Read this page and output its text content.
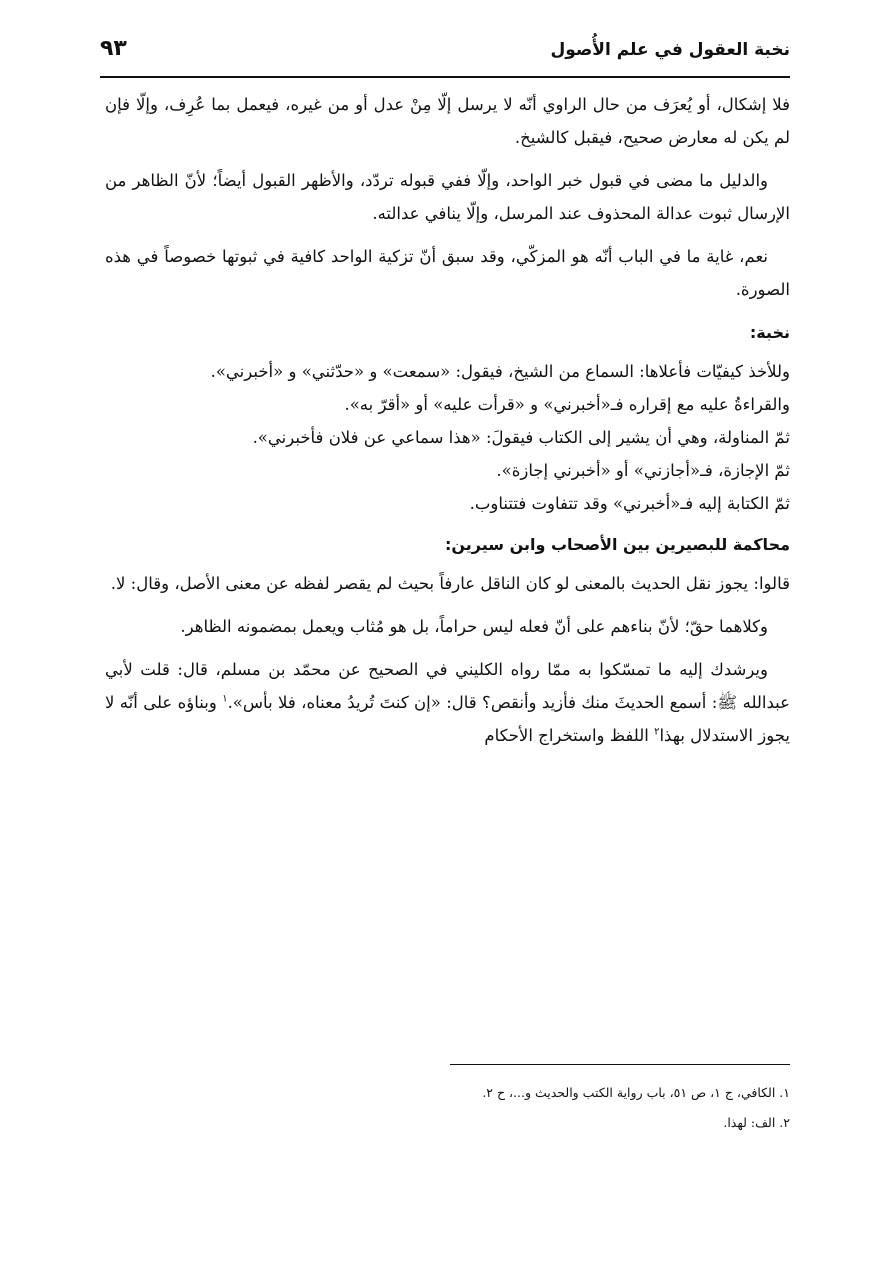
نخبة العقول في علم الأُصول
٩٣

فلا إشكال، أو يُعرَف من حال الراوي أنّه لا يرسل إلّا مِنْ عدل أو من غيره، فيعمل بما عُرِف، وإلّا فإن لم يكن له معارض صحيح، فيقبل كالشيخ.

والدليل ما مضى في قبول خبر الواحد، وإلّا ففي قبوله تردّد، والأظهر القبول أيضاً؛ لأنّ الظاهر من الإرسال ثبوت عدالة المحذوف عند المرسل، وإلّا ينافي عدالته.

نعم، غاية ما في الباب أنّه هو المزكّي، وقد سبق أنّ تزكية الواحد كافية في ثبوتها خصوصاً في هذه الصورة.

نخبة:

وللأخذ كيفيّات فأعلاها: السماع من الشيخ، فيقول: «سمعت» و «حدّثني» و «أخبرني».

والقراءةُ عليه مع إقراره فـ«أخبرني» و «قرأت عليه» أو «أقرّ به».

ثمّ المناولة، وهي أن يشير إلى الكتاب فيقولَ: «هذا سماعي عن فلان فأخبرني».

ثمّ الإجازة، فـ«أجازني» أو «أخبرني إجازة».

ثمّ الكتابة إليه فـ«أخبرني» وقد تتفاوت فتتناوب.

محاكمة للبصيرين بين الأصحاب وابن سيرين:

قالوا: يجوز نقل الحديث بالمعنى لو كان الناقل عارفاً بحيث لم يقصر لفظه عن معنى الأصل، وقال: لا.

وكلاهما حقّ؛ لأنّ بناءهم على أنّ فعله ليس حراماً، بل هو مُثاب ويعمل بمضمونه الظاهر.

ويرشدك إليه ما تمسّكوا به ممّا رواه الكليني في الصحيح عن محمّد بن مسلم، قال: قلت لأبي عبدالله ﷺ: أسمع الحديثَ منك فأزيد وأنقص؟ قال: «إن كنتَ تُريدُ معناه، فلا بأس».$^١$ وبناؤه على أنّه لا يجوز الاستدلال بهذا$^٢$ اللفظ واستخراج الأحكام

١. الكافي، ج ١، ص ٥١، باب رواية الكتب والحديث و...، ح ٢.
٢. الف: لهذا.
